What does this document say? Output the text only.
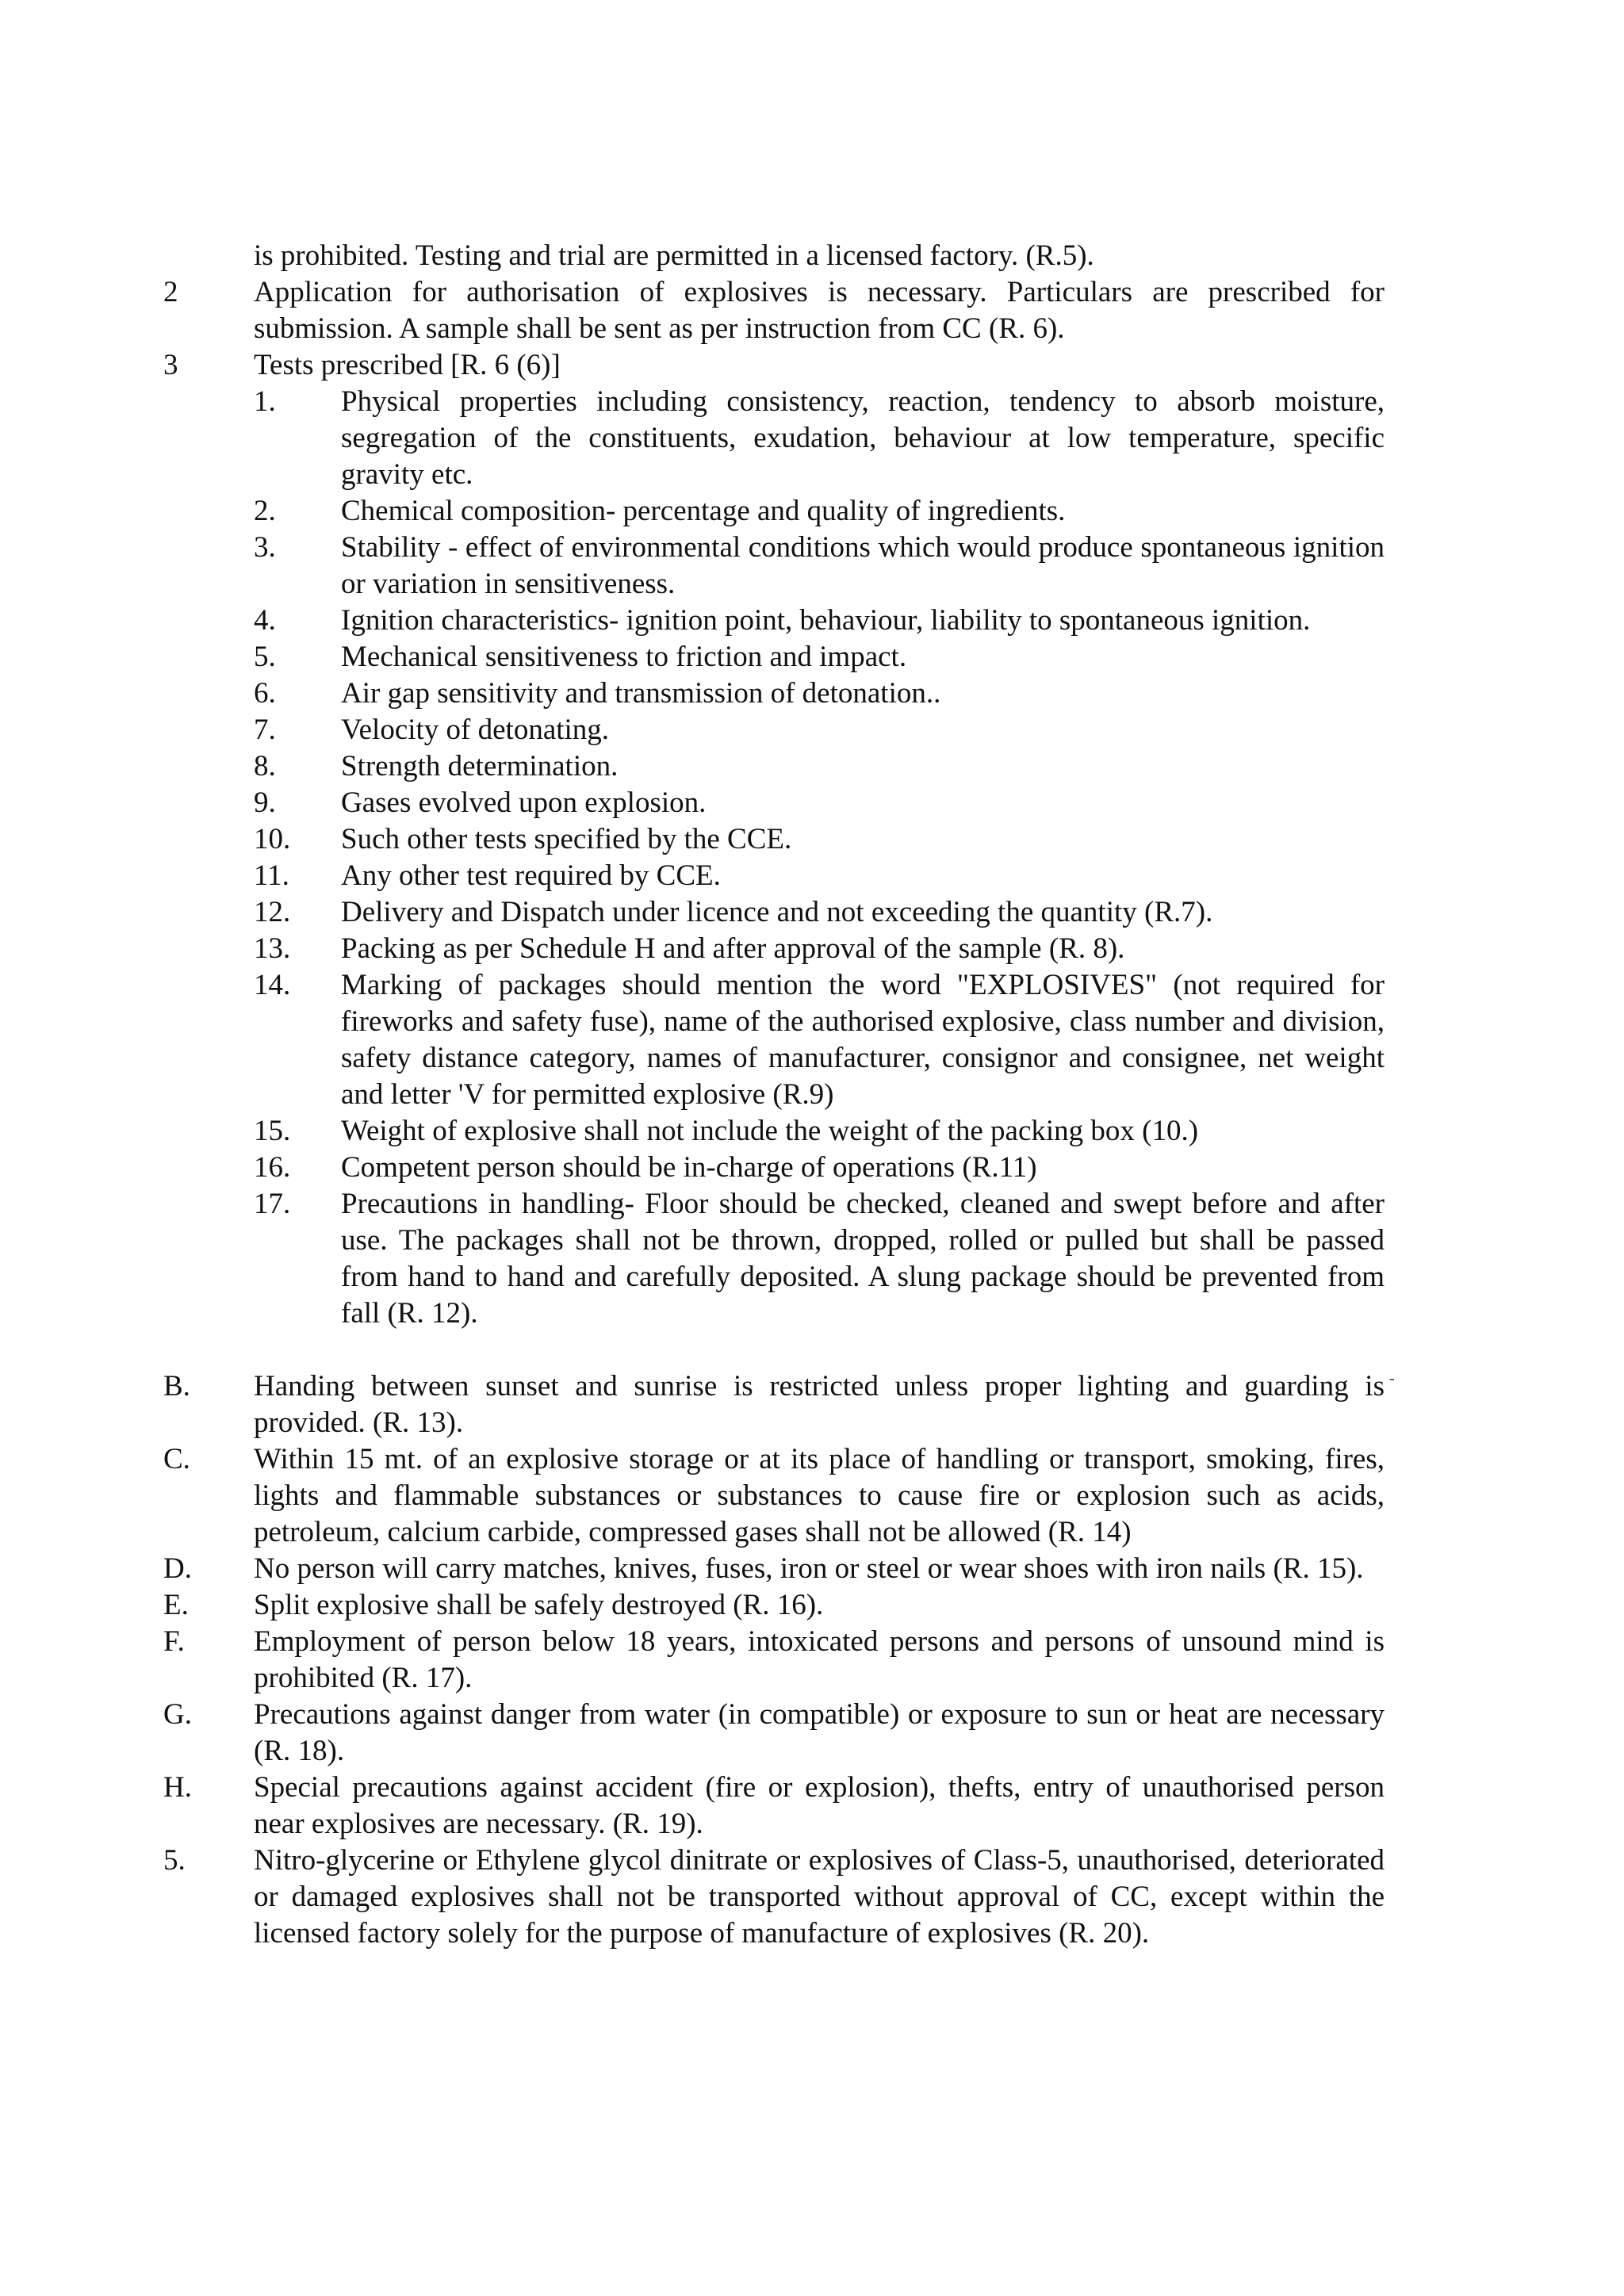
is prohibited. Testing and trial are permitted in a licensed factory. (R.5).
2	Application for authorisation of explosives is necessary. Particulars are prescribed for submission. A sample shall be sent as per instruction from CC (R. 6).
3	Tests prescribed [R. 6 (6)]
1.	Physical properties including consistency, reaction, tendency to absorb moisture, segregation of the constituents, exudation, behaviour at low temperature, specific gravity etc.
2.	Chemical composition- percentage and quality of ingredients.
3.	Stability - effect of environmental conditions which would produce spontaneous ignition or variation in sensitiveness.
4.	Ignition characteristics- ignition point, behaviour, liability to spontaneous ignition.
5.	Mechanical sensitiveness to friction and impact.
6.	Air gap sensitivity and transmission of detonation..
7.	Velocity of detonating.
8.	Strength determination.
9.	Gases evolved upon explosion.
10.	Such other tests specified by the CCE.
11.	Any other test required by CCE.
12.	Delivery and Dispatch under licence and not exceeding the quantity (R.7).
13.	Packing as per Schedule H and after approval of the sample (R. 8).
14.	Marking of packages should mention the word "EXPLOSIVES" (not required for fireworks and safety fuse), name of the authorised explosive, class number and division, safety distance category, names of manufacturer, consignor and consignee, net weight and letter 'V for permitted explosive (R.9)
15.	Weight of explosive shall not include the weight of the packing box (10.)
16.	Competent person should be in-charge of operations (R.11)
17.	Precautions in handling- Floor should be checked, cleaned and swept before and after use. The packages shall not be thrown, dropped, rolled or pulled but shall be passed from hand to hand and carefully deposited. A slung package should be prevented from fall (R. 12).
B.	Handing between sunset and sunrise is restricted unless proper lighting and guarding is provided. (R. 13).
C.	Within 15 mt. of an explosive storage or at its place of handling or transport, smoking, fires, lights and flammable substances or substances to cause fire or explosion such as acids, petroleum, calcium carbide, compressed gases shall not be allowed (R. 14)
D.	No person will carry matches, knives, fuses, iron or steel or wear shoes with iron nails (R. 15).
E.	Split explosive shall be safely destroyed (R. 16).
F.	Employment of person below 18 years, intoxicated persons and persons of unsound mind is prohibited (R. 17).
G.	Precautions against danger from water (in compatible) or exposure to sun or heat are necessary (R. 18).
H.	Special precautions against accident (fire or explosion), thefts, entry of unauthorised person near explosives are necessary. (R. 19).
5.	Nitro-glycerine or Ethylene glycol dinitrate or explosives of Class-5, unauthorised, deteriorated or damaged explosives shall not be transported without approval of CC, except within the licensed factory solely for the purpose of manufacture of explosives (R. 20).
-
